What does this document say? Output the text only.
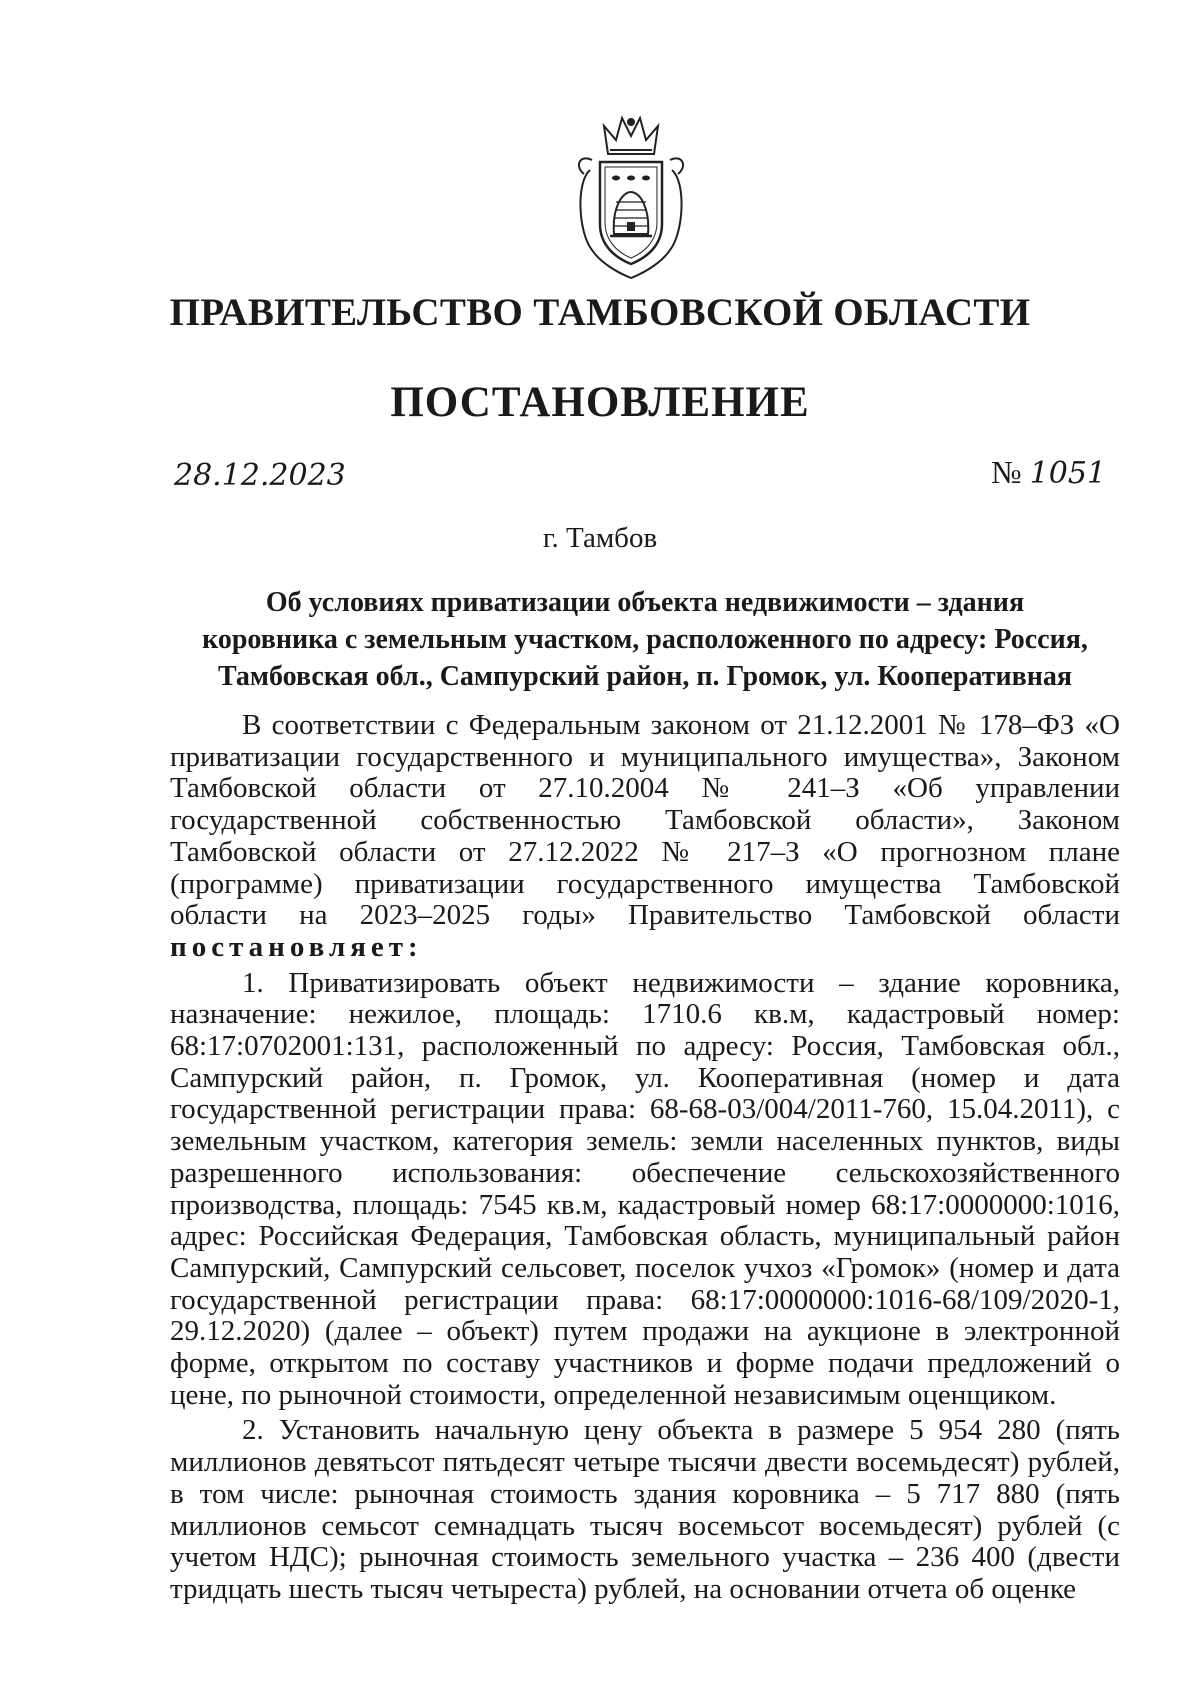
ПРАВИТЕЛЬСТВО ТАМБОВСКОЙ ОБЛАСТИ
ПОСТАНОВЛЕНИЕ
28.12.2023	№ 1051
г. Тамбов
Об условиях приватизации объекта недвижимости – здания
коровника с земельным участком, расположенного по адресу: Россия,
Тамбовская обл., Сампурский район, п. Громок, ул. Кооперативная

В соответствии с Федеральным законом от 21.12.2001 № 178–ФЗ «О приватизации государственного и муниципального имущества», Законом Тамбовской области от 27.10.2004 № 241–З «Об управлении государственной собственностью Тамбовской области», Законом Тамбовской области от 27.12.2022 № 217–З «О прогнозном плане (программе) приватизации государственного имущества Тамбовской области на 2023–2025 годы» Правительство Тамбовской области постановляет:

1. Приватизировать объект недвижимости – здание коровника, назначение: нежилое, площадь: 1710.6 кв.м, кадастровый номер: 68:17:0702001:131, расположенный по адресу: Россия, Тамбовская обл., Сампурский район, п. Громок, ул. Кооперативная (номер и дата государственной регистрации права: 68-68-03/004/2011-760, 15.04.2011), с земельным участком, категория земель: земли населенных пунктов, виды разрешенного использования: обеспечение сельскохозяйственного производства, площадь: 7545 кв.м, кадастровый номер 68:17:0000000:1016, адрес: Российская Федерация, Тамбовская область, муниципальный район Сампурский, Сампурский сельсовет, поселок учхоз «Громок» (номер и дата государственной регистрации права: 68:17:0000000:1016-68/109/2020-1, 29.12.2020) (далее – объект) путем продажи на аукционе в электронной форме, открытом по составу участников и форме подачи предложений о цене, по рыночной стоимости, определенной независимым оценщиком.

2. Установить начальную цену объекта в размере 5 954 280 (пять миллионов девятьсот пятьдесят четыре тысячи двести восемьдесят) рублей, в том числе: рыночная стоимость здания коровника – 5 717 880 (пять миллионов семьсот семнадцать тысяч восемьсот восемьдесят) рублей (с учетом НДС); рыночная стоимость земельного участка – 236 400 (двести тридцать шесть тысяч четыреста) рублей, на основании отчета об оценке
